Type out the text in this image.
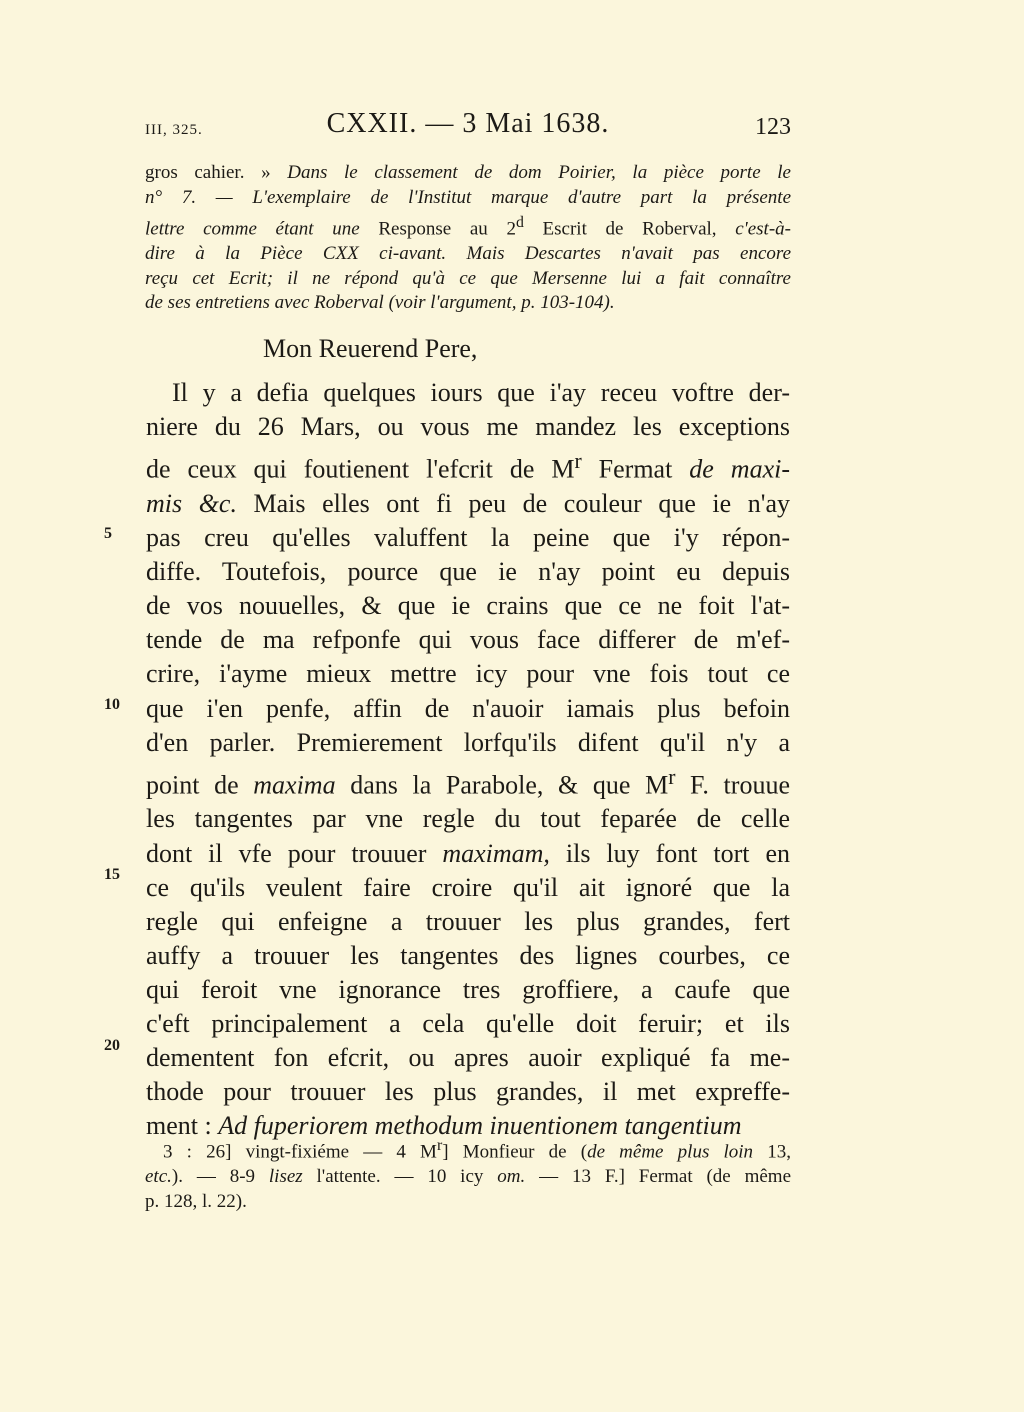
III, 325.	CXXII. — 3 Mai 1638.	123
gros cahier. » Dans le classement de dom Poirier, la pièce porte le
n° 7. — L'exemplaire de l'Institut marque d'autre part la présente
lettre comme étant une Response au 2$^d$ Escrit de Roberval, c'est-à-
dire à la Pièce CXX ci-avant. Mais Descartes n'avait pas encore
reçu cet Ecrit; il ne répond qu'à ce que Mersenne lui a fait connaître
de ses entretiens avec Roberval (voir l'argument, p. 103-104).
Mon Reuerend Pere,
5
10
15
20
Il y a defia quelques iours que i'ay receu voftre der-
niere du 26 Mars, ou vous me mandez les exceptions
de ceux qui foutienent l'efcrit de $M^r$ Fermat de maxi-
mis &c. Mais elles ont fi peu de couleur que ie n'ay
pas creu qu'elles valuffent la peine que i'y répon-
diffe. Toutefois, pource que ie n'ay point eu depuis
de vos nouuelles, & que ie crains que ce ne foit l'at-
tende de ma refponfe qui vous face differer de m'ef-
crire, i'ayme mieux mettre icy pour vne fois tout ce
que i'en penfe, affin de n'auoir iamais plus befoin
d'en parler. Premierement lorfqu'ils difent qu'il n'y a
point de maxima dans la Parabole, & que $M^r$ F. trouue
les tangentes par vne regle du tout feparée de celle
dont il vfe pour trouuer maximam, ils luy font tort en
ce qu'ils veulent faire croire qu'il ait ignoré que la
regle qui enfeigne a trouuer les plus grandes, fert
auffy a trouuer les tangentes des lignes courbes, ce
qui feroit vne ignorance tres groffiere, a caufe que
c'eft principalement a cela qu'elle doit feruir; et ils
dementent fon efcrit, ou apres auoir expliqué fa me-
thode pour trouuer les plus grandes, il met expreffe-
ment : Ad fuperiorem methodum inuentionem tangentium
3 : 26] vingt-fixiéme — 4 $M^r$] Monfieur de (de même plus loin 13,
etc.). — 8-9 lisez l'attente. — 10 icy om. — 13 F.] Fermat (de même
p. 128, l. 22).
